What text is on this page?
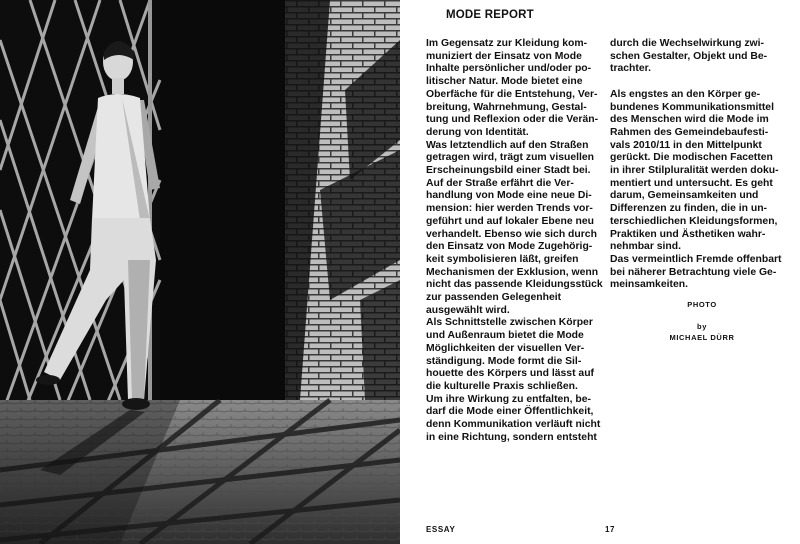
MODE REPORT

Im Gegensatz zur Kleidung kom-

muniziert der Einsatz von Mode

Inhalte persönlicher und/oder po-

litischer Natur. Mode bietet eine

Oberfäche für die Entstehung, Ver-

breitung, Wahrnehmung, Gestal-

tung und Reflexion oder die Verän-

derung von Identität.

Was letztendlich auf den Straßen

getragen wird, trägt zum visuellen

Erscheinungsbild einer Stadt bei.

Auf der Straße erfährt die Ver-

handlung von Mode eine neue Di-

mension: hier werden Trends vor-

geführt und auf lokaler Ebene neu

verhandelt. Ebenso wie sich durch

den Einsatz von Mode Zugehörig-

keit symbolisieren läßt, greifen

Mechanismen der Exklusion, wenn

nicht das passende Kleidungsstück

zur passenden Gelegenheit

ausgewählt wird.

Als Schnittstelle zwischen Körper

und Außenraum bietet die Mode

Möglichkeiten der visuellen Ver-

ständigung. Mode formt die Sil-

houette des Körpers und lässt auf

die kulturelle Praxis schließen.

Um ihre Wirkung zu entfalten, be-

darf die Mode einer Öffentlichkeit,

denn Kommunikation verläuft nicht

in eine Richtung, sondern entsteht

durch die Wechselwirkung zwi-

schen Gestalter, Objekt und Be-

trachter.

Als engstes an den Körper ge-

bundenes Kommunikationsmittel

des Menschen wird die Mode im

Rahmen des Gemeindebaufesti-

vals 2010/11 in den Mittelpunkt

gerückt. Die modischen Facetten

in ihrer Stilpluralität werden doku-

mentiert und untersucht. Es geht

darum, Gemeinsamkeiten und

Differenzen zu finden, die in un-

terschiedlichen Kleidungsformen,

Praktiken und Ästhetiken wahr-

nehmbar sind.

Das vermeintlich Fremde offenbart

bei näherer Betrachtung viele Ge-

meinsamkeiten.

PHOTO
by
MICHAEL DÜRR
ESSAY	17
